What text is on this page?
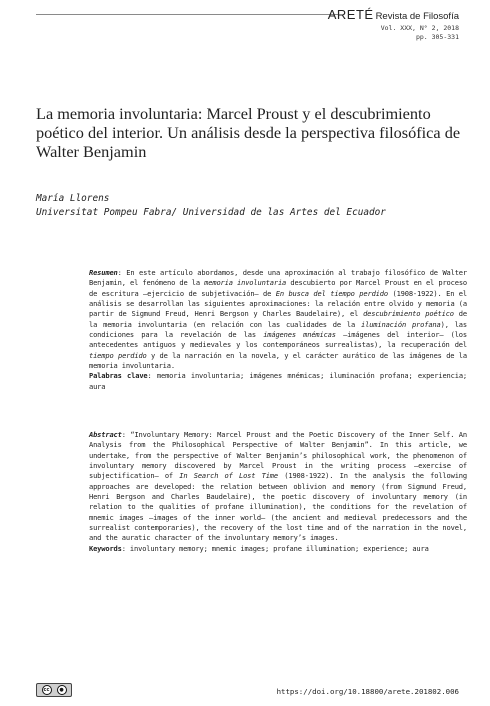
ARETÉ Revista de Filosofía
Vol. XXX, N° 2, 2018
pp. 305-331
La memoria involuntaria: Marcel Proust y el descubrimiento poético del interior. Un análisis desde la perspectiva filosófica de Walter Benjamin
María Llorens
Universitat Pompeu Fabra/ Universidad de las Artes del Ecuador

Resumen: En este artículo abordamos, desde una aproximación al trabajo filosófico de Walter Benjamin, el fenómeno de la memoria involuntaria descubierto por Marcel Proust en el proceso de escritura –ejercicio de subjetivación– de En busca del tiempo perdido (1908-1922). En el análisis se desarrollan las siguientes aproximaciones: la relación entre olvido y memoria (a partir de Sigmund Freud, Henri Bergson y Charles Baudelaire), el descubrimiento poético de la memoria involuntaria (en relación con las cualidades de la iluminación profana), las condiciones para la revelación de las imágenes mnémicas –imágenes del interior– (los antecedentes antiguos y medievales y los contemporáneos surrealistas), la recuperación del tiempo perdido y de la narración en la novela, y el carácter aurático de las imágenes de la memoria involuntaria.

Palabras clave: memoria involuntaria; imágenes mnémicas; iluminación profana; experiencia; aura

Abstract: “Involuntary Memory: Marcel Proust and the Poetic Discovery of the Inner Self. An Analysis from the Philosophical Perspective of Walter Benjamin”. In this article, we undertake, from the perspective of Walter Benjamin’s philosophical work, the phenomenon of involuntary memory discovered by Marcel Proust in the writing process –exercise of subjectification– of In Search of Lost Time (1908-1922). In the analysis the following approaches are developed: the relation between oblivion and memory (from Sigmund Freud, Henri Bergson and Charles Baudelaire), the poetic discovery of involuntary memory (in relation to the qualities of profane illumination), the conditions for the revelation of mnemic images –images of the inner world– (the ancient and medieval predecessors and the surrealist contemporaries), the recovery of the lost time and of the narration in the novel, and the auratic character of the involuntary memory’s images.

Keywords: involuntary memory; mnemic images; profane illumination; experience; aura

cc	●	https://doi.org/10.18800/arete.201802.006
